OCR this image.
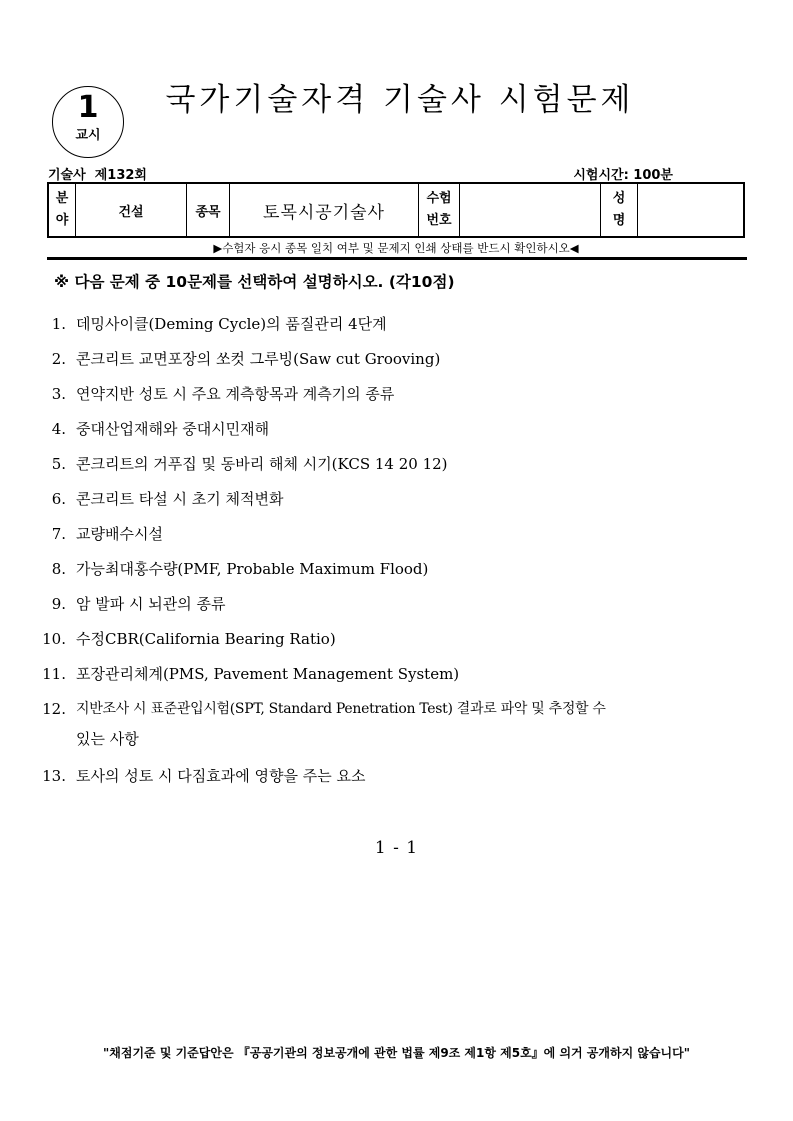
1
교시
국가기술자격 기술사 시험문제
기술사  제132회	시험시간: 100분
분야	건설	종목	토목시공기술사	수험번호		성명	
▶수험자 응시 종목 일치 여부 및 문제지 인쇄 상태를 반드시 확인하시오◀
※ 다음 문제 중 10문제를 선택하여 설명하시오. (각10점)
1. 데밍사이클(Deming Cycle)의 품질관리 4단계
2. 콘크리트 교면포장의 쏘컷 그루빙(Saw cut Grooving)
3. 연약지반 성토 시 주요 계측항목과 계측기의 종류
4. 중대산업재해와 중대시민재해
5. 콘크리트의 거푸집 및 동바리 해체 시기(KCS 14 20 12)
6. 콘크리트 타설 시 초기 체적변화
7. 교량배수시설
8. 가능최대홍수량(PMF, Probable Maximum Flood)
9. 암 발파 시 뇌관의 종류
10. 수정CBR(California Bearing Ratio)
11. 포장관리체계(PMS, Pavement Management System)
12. 지반조사 시 표준관입시험(SPT, Standard Penetration Test) 결과로 파악 및 추정할 수
있는 사항
13. 토사의 성토 시 다짐효과에 영향을 주는 요소
1 - 1
"채점기준 및 기준답안은 『공공기관의 정보공개에 관한 법률 제9조 제1항 제5호』에 의거 공개하지 않습니다"
